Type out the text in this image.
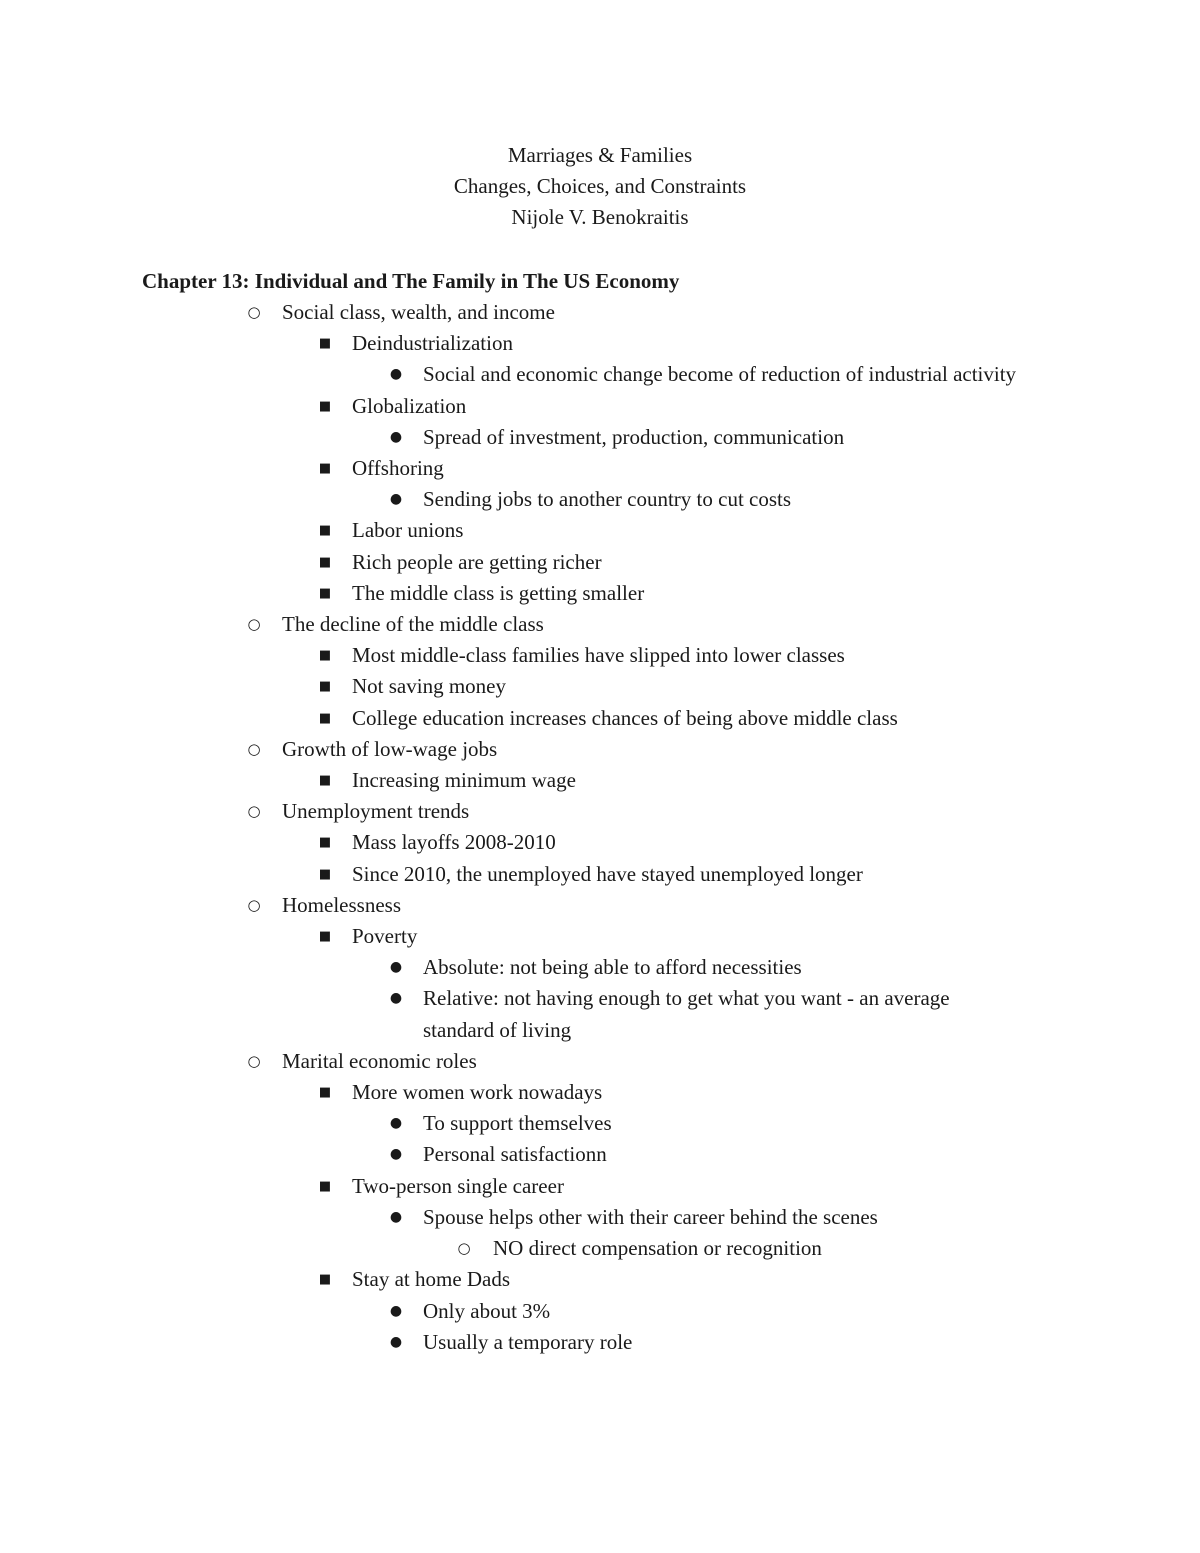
Marriages & Families
Changes, Choices, and Constraints
Nijole V. Benokraitis
Chapter 13: Individual and The Family in The US Economy
○ Social class, wealth, and income
■ Deindustrialization
● Social and economic change become of reduction of industrial activity
■ Globalization
● Spread of investment, production, communication
■ Offshoring
● Sending jobs to another country to cut costs
■ Labor unions
■ Rich people are getting richer
■ The middle class is getting smaller
○ The decline of the middle class
■ Most middle-class families have slipped into lower classes
■ Not saving money
■ College education increases chances of being above middle class
○ Growth of low-wage jobs
■ Increasing minimum wage
○ Unemployment trends
■ Mass layoffs 2008-2010
■ Since 2010, the unemployed have stayed unemployed longer
○ Homelessness
■ Poverty
● Absolute: not being able to afford necessities
● Relative: not having enough to get what you want - an average standard of living
○ Marital economic roles
■ More women work nowadays
● To support themselves
● Personal satisfactionn
■ Two-person single career
● Spouse helps other with their career behind the scenes
○ NO direct compensation or recognition
■ Stay at home Dads
● Only about 3%
● Usually a temporary role
